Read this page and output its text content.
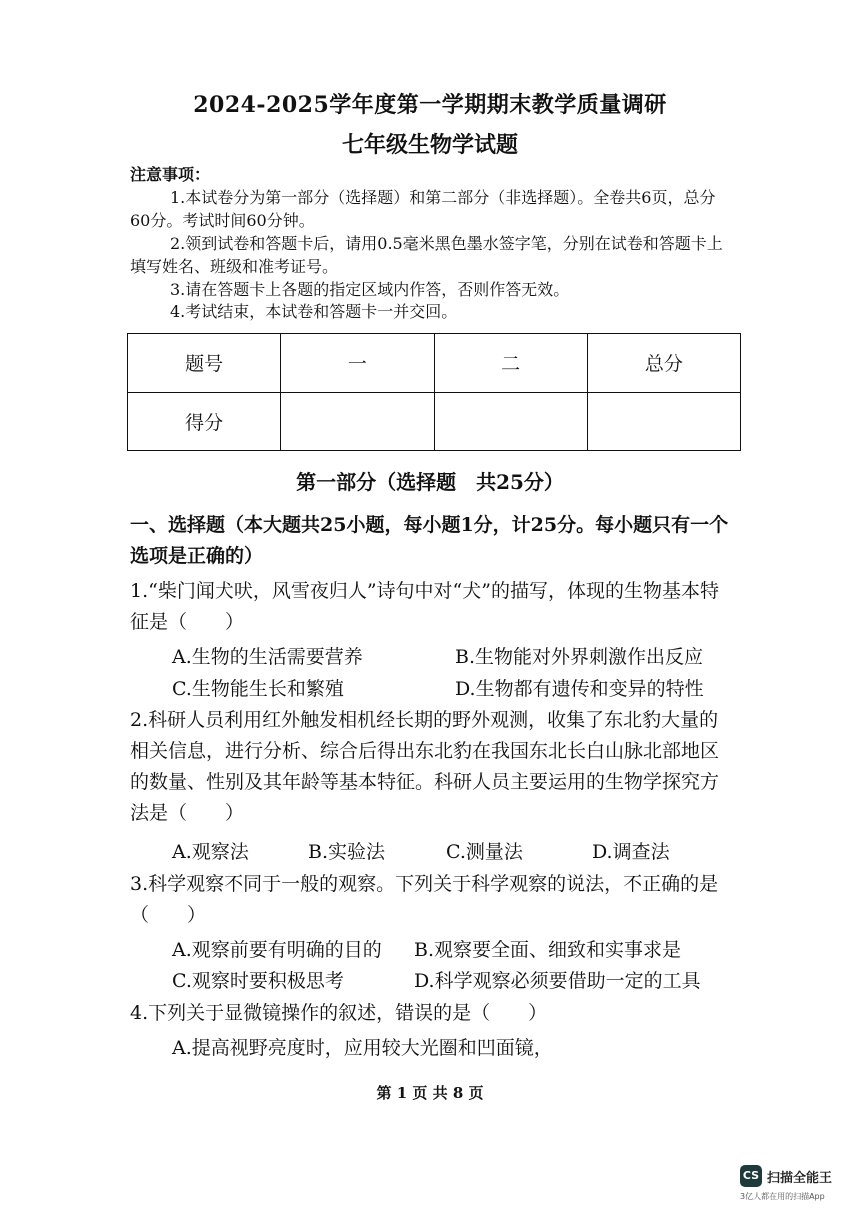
2024-2025学年度第一学期期末教学质量调研
七年级生物学试题
注意事项：
1.本试卷分为第一部分（选择题）和第二部分（非选择题）。全卷共6页，总分60分。考试时间60分钟。
2.领到试卷和答题卡后，请用0.5毫米黑色墨水签字笔，分别在试卷和答题卡上填写姓名、班级和准考证号。
3.请在答题卡上各题的指定区域内作答，否则作答无效。
4.考试结束，本试卷和答题卡一并交回。
题号	一	二	总分
得分			
第一部分（选择题　共25分）
一、选择题（本大题共25小题，每小题1分，计25分。每小题只有一个选项是正确的）
1.“柴门闻犬吠，风雪夜归人”诗句中对“犬”的描写，体现的生物基本特征是（　　）
A.生物的生活需要营养	B.生物能对外界刺激作出反应
C.生物能生长和繁殖	D.生物都有遗传和变异的特性
2.科研人员利用红外触发相机经长期的野外观测，收集了东北豹大量的相关信息，进行分析、综合后得出东北豹在我国东北长白山脉北部地区的数量、性别及其年龄等基本特征。科研人员主要运用的生物学探究方法是（　　）
A.观察法	B.实验法	C.测量法	D.调查法
3.科学观察不同于一般的观察。下列关于科学观察的说法，不正确的是（　　）
A.观察前要有明确的目的 B.观察要全面、细致和实事求是
C.观察时要积极思考	D.科学观察必须要借助一定的工具
4.下列关于显微镜操作的叙述，错误的是（　　）
A.提高视野亮度时，应用较大光圈和凹面镜，
第 1 页 共 8 页
CS 扫描全能王
3亿人都在用的扫描App
